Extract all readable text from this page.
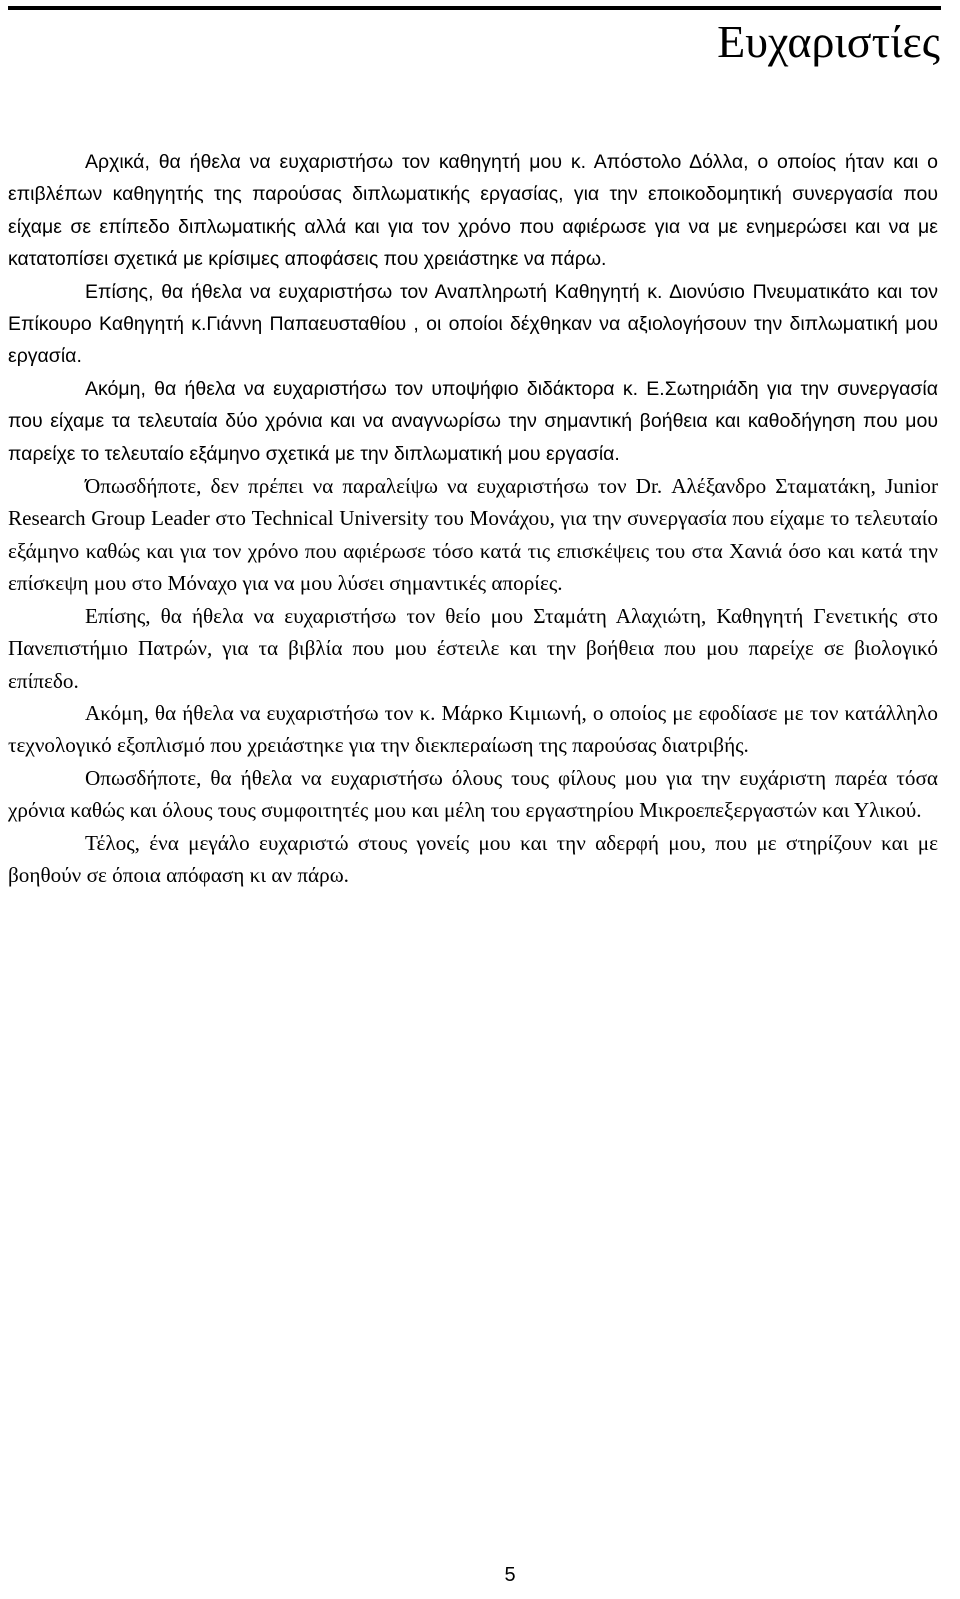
Ευχαριστίες

Αρχικά, θα ήθελα να ευχαριστήσω τον καθηγητή μου κ. Απόστολο Δόλλα, ο οποίος ήταν και ο επιβλέπων καθηγητής της παρούσας διπλωματικής εργασίας, για την εποικοδομητική συνεργασία που είχαμε σε επίπεδο διπλωματικής αλλά και για τον χρόνο που αφιέρωσε για να με ενημερώσει και να με κατατοπίσει σχετικά με κρίσιμες αποφάσεις που χρειάστηκε να πάρω.

Επίσης, θα ήθελα να ευχαριστήσω τον Αναπληρωτή Καθηγητή κ. Διονύσιο Πνευματικάτο και τον Επίκουρο Καθηγητή κ.Γιάννη Παπαευσταθίου , οι οποίοι δέχθηκαν να αξιολογήσουν την διπλωματική μου εργασία.

Ακόμη, θα ήθελα να ευχαριστήσω τον υποψήφιο διδάκτορα κ. Ε.Σωτηριάδη για την συνεργασία που είχαμε τα τελευταία δύο χρόνια και να αναγνωρίσω την σημαντική βοήθεια και καθοδήγηση που μου παρείχε το τελευταίο εξάμηνο σχετικά με την διπλωματική μου εργασία.

Όπωσδήποτε, δεν πρέπει να παραλείψω να ευχαριστήσω τον Dr. Αλέξανδρο Σταματάκη, Junior Research Group Leader στο Technical University του Μονάχου, για την συνεργασία που είχαμε το τελευταίο εξάμηνο καθώς και για τον χρόνο που αφιέρωσε τόσο κατά τις επισκέψεις του στα Χανιά όσο και κατά την επίσκεψη μου στο Μόναχο για να μου λύσει σημαντικές απορίες.

Επίσης, θα ήθελα να ευχαριστήσω τον θείο μου Σταμάτη Αλαχιώτη, Καθηγητή Γενετικής στο Πανεπιστήμιο Πατρών, για τα βιβλία που μου έστειλε και την βοήθεια που μου παρείχε σε βιολογικό επίπεδο.

Ακόμη, θα ήθελα να ευχαριστήσω τον κ. Μάρκο Κιμιωνή, ο οποίος με εφοδίασε με τον κατάλληλο τεχνολογικό εξοπλισμό που χρειάστηκε για την διεκπεραίωση της παρούσας διατριβής.

Οπωσδήποτε, θα ήθελα να ευχαριστήσω όλους τους φίλους μου για την ευχάριστη παρέα τόσα χρόνια καθώς και όλους τους συμφοιτητές μου και μέλη του εργαστηρίου Μικροεπεξεργαστών και Υλικού.

Τέλος, ένα μεγάλο ευχαριστώ στους γονείς μου και την αδερφή μου, που με στηρίζουν και με βοηθούν σε όποια απόφαση κι αν πάρω.

5
